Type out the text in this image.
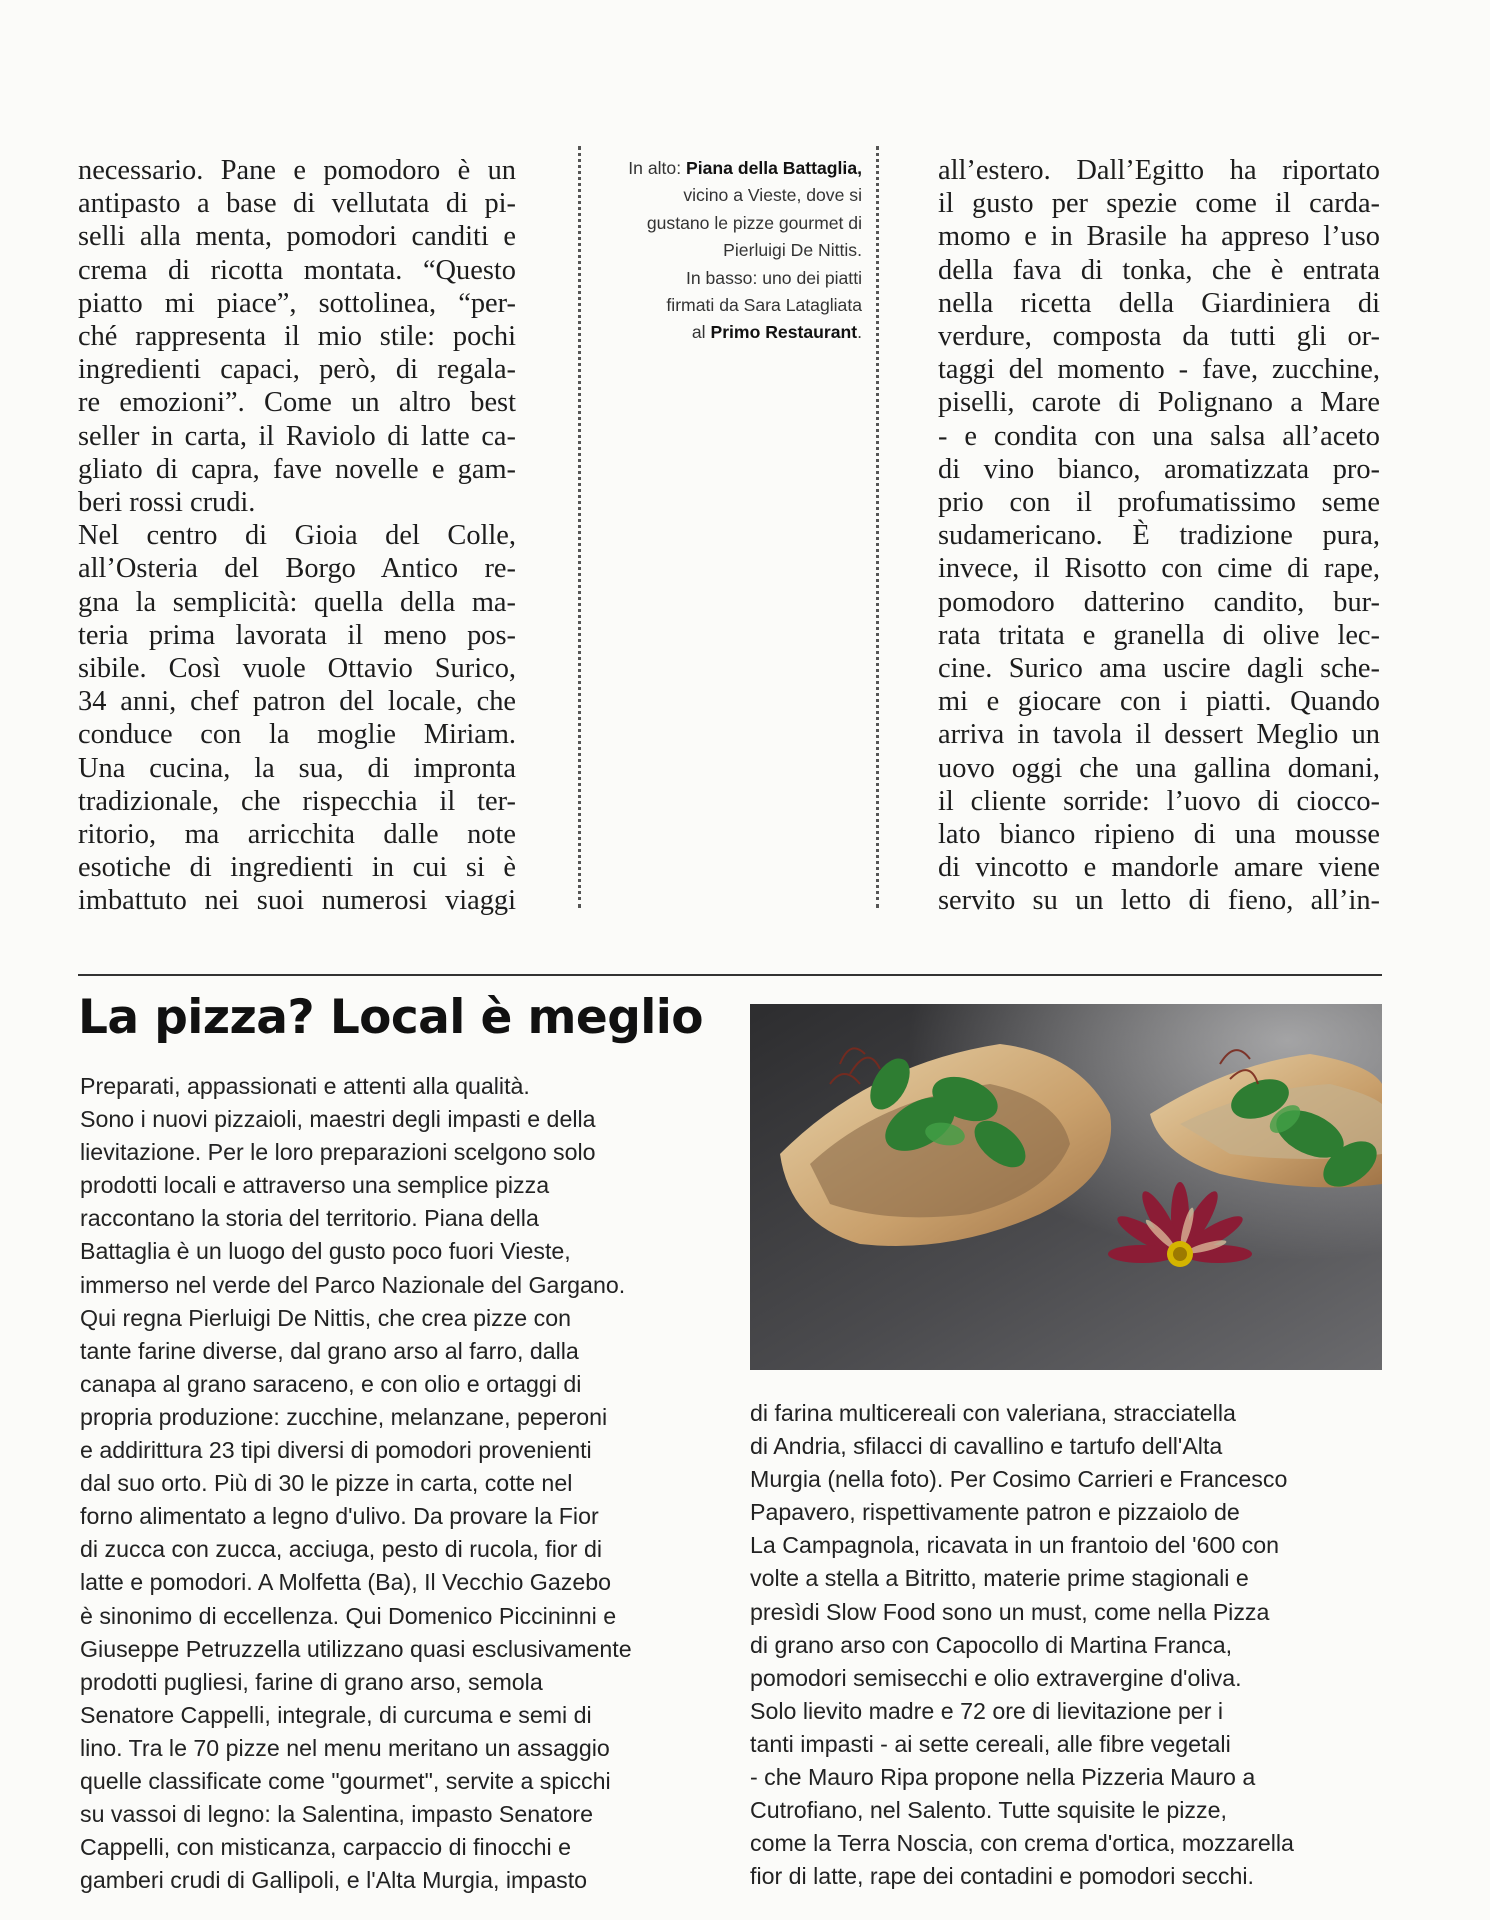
necessario. Pane e pomodoro è un
antipasto a base di vellutata di pi-
selli alla menta, pomodori canditi e
crema di ricotta montata. “Questo
piatto mi piace”, sottolinea, “per-
ché rappresenta il mio stile: pochi
ingredienti capaci, però, di regala-
re emozioni”. Come un altro best
seller in carta, il Raviolo di latte ca-
gliato di capra, fave novelle e gam-
beri rossi crudi.
Nel centro di Gioia del Colle,
all’Osteria del Borgo Antico re-
gna la semplicità: quella della ma-
teria prima lavorata il meno pos-
sibile. Così vuole Ottavio Surico,
34 anni, chef patron del locale, che
conduce con la moglie Miriam.
Una cucina, la sua, di impronta
tradizionale, che rispecchia il ter-
ritorio, ma arricchita dalle note
esotiche di ingredienti in cui si è
imbattuto nei suoi numerosi viaggi
In alto: Piana della Battaglia,
vicino a Vieste, dove si
gustano le pizze gourmet di
Pierluigi De Nittis.
In basso: uno dei piatti
firmati da Sara Latagliata
al Primo Restaurant.
all’estero. Dall’Egitto ha riportato
il gusto per spezie come il carda-
momo e in Brasile ha appreso l’uso
della fava di tonka, che è entrata
nella ricetta della Giardiniera di
verdure, composta da tutti gli or-
taggi del momento - fave, zucchine,
piselli, carote di Polignano a Mare
- e condita con una salsa all’aceto
di vino bianco, aromatizzata pro-
prio con il profumatissimo seme
sudamericano. È tradizione pura,
invece, il Risotto con cime di rape,
pomodoro datterino candito, bur-
rata tritata e granella di olive lec-
cine. Surico ama uscire dagli sche-
mi e giocare con i piatti. Quando
arriva in tavola il dessert Meglio un
uovo oggi che una gallina domani,
il cliente sorride: l’uovo di ciocco-
lato bianco ripieno di una mousse
di vincotto e mandorle amare viene
servito su un letto di fieno, all’in-
La pizza? Local è meglio
Preparati, appassionati e attenti alla qualità.
Sono i nuovi pizzaioli, maestri degli impasti e della
lievitazione. Per le loro preparazioni scelgono solo
prodotti locali e attraverso una semplice pizza
raccontano la storia del territorio. Piana della
Battaglia è un luogo del gusto poco fuori Vieste,
immerso nel verde del Parco Nazionale del Gargano.
Qui regna Pierluigi De Nittis, che crea pizze con
tante farine diverse, dal grano arso al farro, dalla
canapa al grano saraceno, e con olio e ortaggi di
propria produzione: zucchine, melanzane, peperoni
e addirittura 23 tipi diversi di pomodori provenienti
dal suo orto. Più di 30 le pizze in carta, cotte nel
forno alimentato a legno d'ulivo. Da provare la Fior
di zucca con zucca, acciuga, pesto di rucola, fior di
latte e pomodori. A Molfetta (Ba), Il Vecchio Gazebo
è sinonimo di eccellenza. Qui Domenico Piccininni e
Giuseppe Petruzzella utilizzano quasi esclusivamente
prodotti pugliesi, farine di grano arso, semola
Senatore Cappelli, integrale, di curcuma e semi di
lino. Tra le 70 pizze nel menu meritano un assaggio
quelle classificate come "gourmet", servite a spicchi
su vassoi di legno: la Salentina, impasto Senatore
Cappelli, con misticanza, carpaccio di finocchi e
gamberi crudi di Gallipoli, e l'Alta Murgia, impasto
di farina multicereali con valeriana, stracciatella
di Andria, sfilacci di cavallino e tartufo dell'Alta
Murgia (nella foto). Per Cosimo Carrieri e Francesco
Papavero, rispettivamente patron e pizzaiolo de
La Campagnola, ricavata in un frantoio del '600 con
volte a stella a Bitritto, materie prime stagionali e
presìdi Slow Food sono un must, come nella Pizza
di grano arso con Capocollo di Martina Franca,
pomodori semisecchi e olio extravergine d'oliva.
Solo lievito madre e 72 ore di lievitazione per i
tanti impasti - ai sette cereali, alle fibre vegetali
- che Mauro Ripa propone nella Pizzeria Mauro a
Cutrofiano, nel Salento. Tutte squisite le pizze,
come la Terra Noscia, con crema d'ortica, mozzarella
fior di latte, rape dei contadini e pomodori secchi.
